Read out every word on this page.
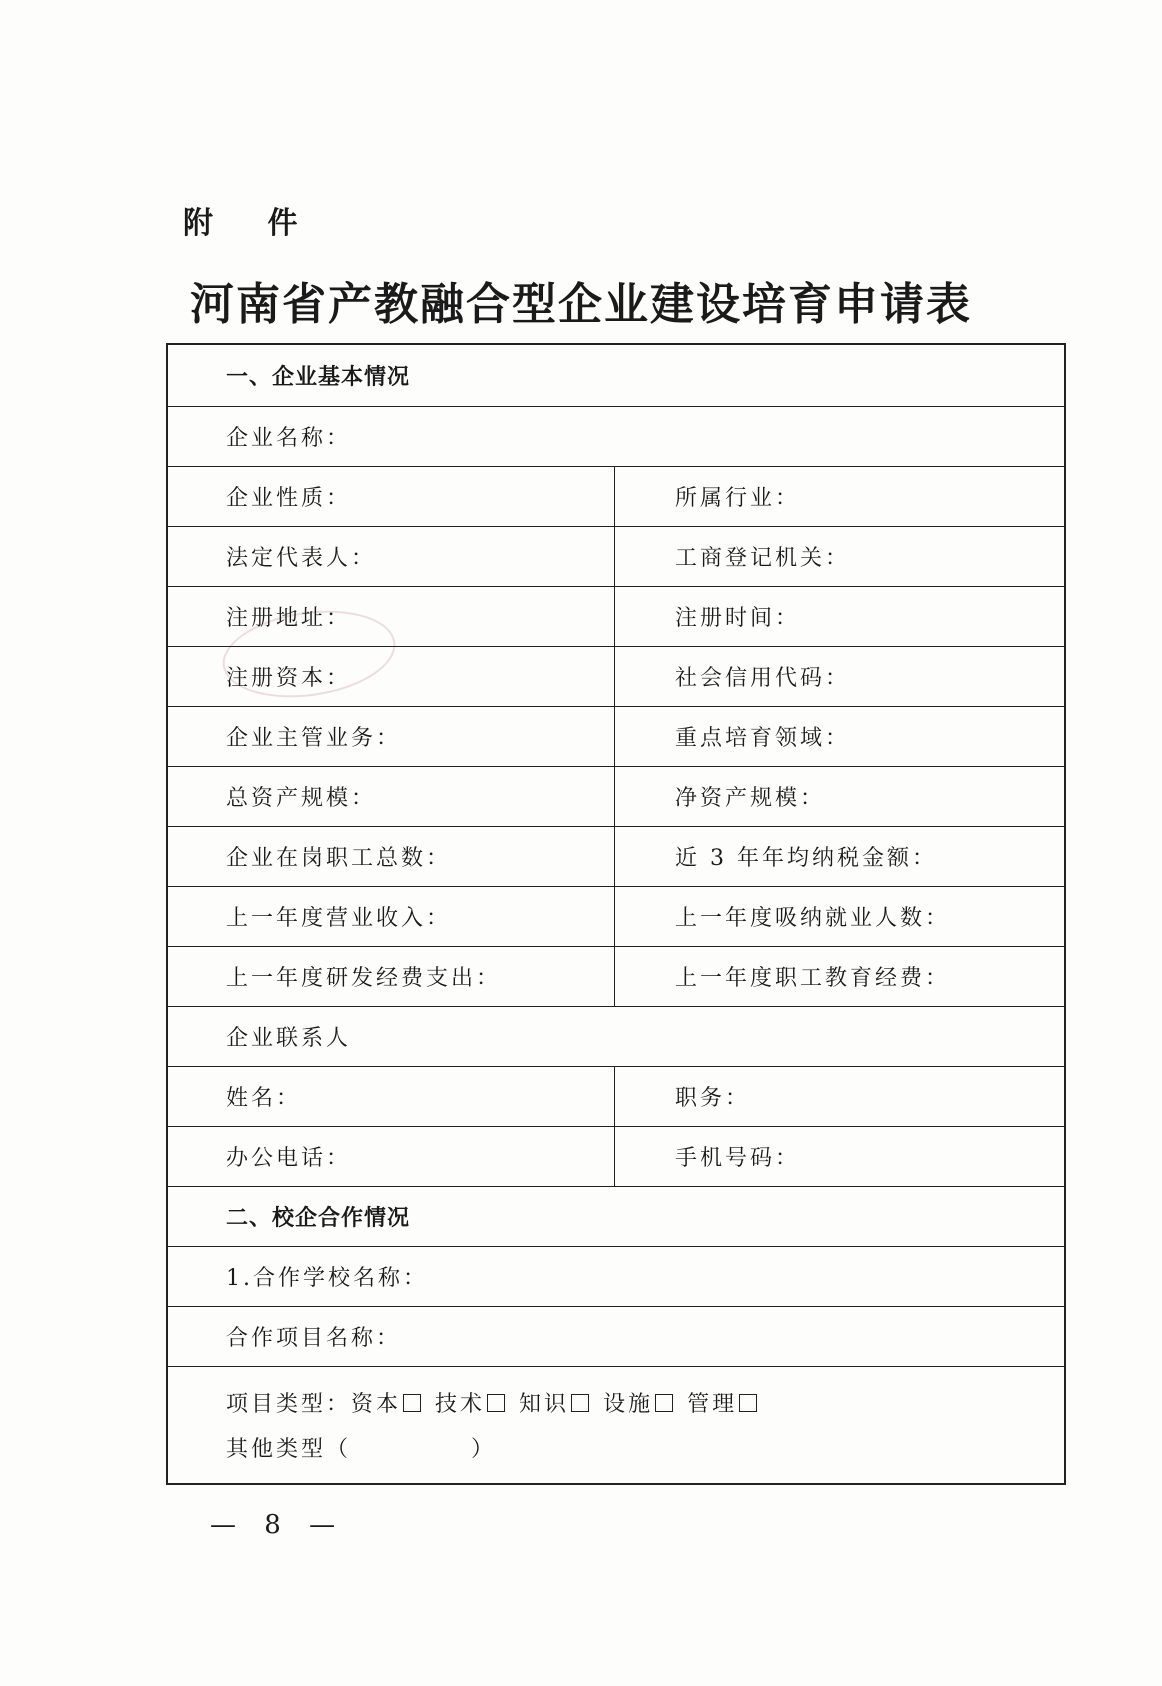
附 件
河南省产教融合型企业建设培育申请表
一、企业基本情况
企业名称：
企业性质：	所属行业：
法定代表人：	工商登记机关：
注册地址：	注册时间：
注册资本：	社会信用代码：
企业主管业务：	重点培育领域：
总资产规模：	净资产规模：
企业在岗职工总数：	近 3 年年均纳税金额：
上一年度营业收入：	上一年度吸纳就业人数：
上一年度研发经费支出：	上一年度职工教育经费：
企业联系人
姓名：	职务：
办公电话：	手机号码：
二、校企合作情况
1.合作学校名称：
合作项目名称：
项目类型： 资本 技术 知识 设施 管理
其他类型（	）
— 8 —
